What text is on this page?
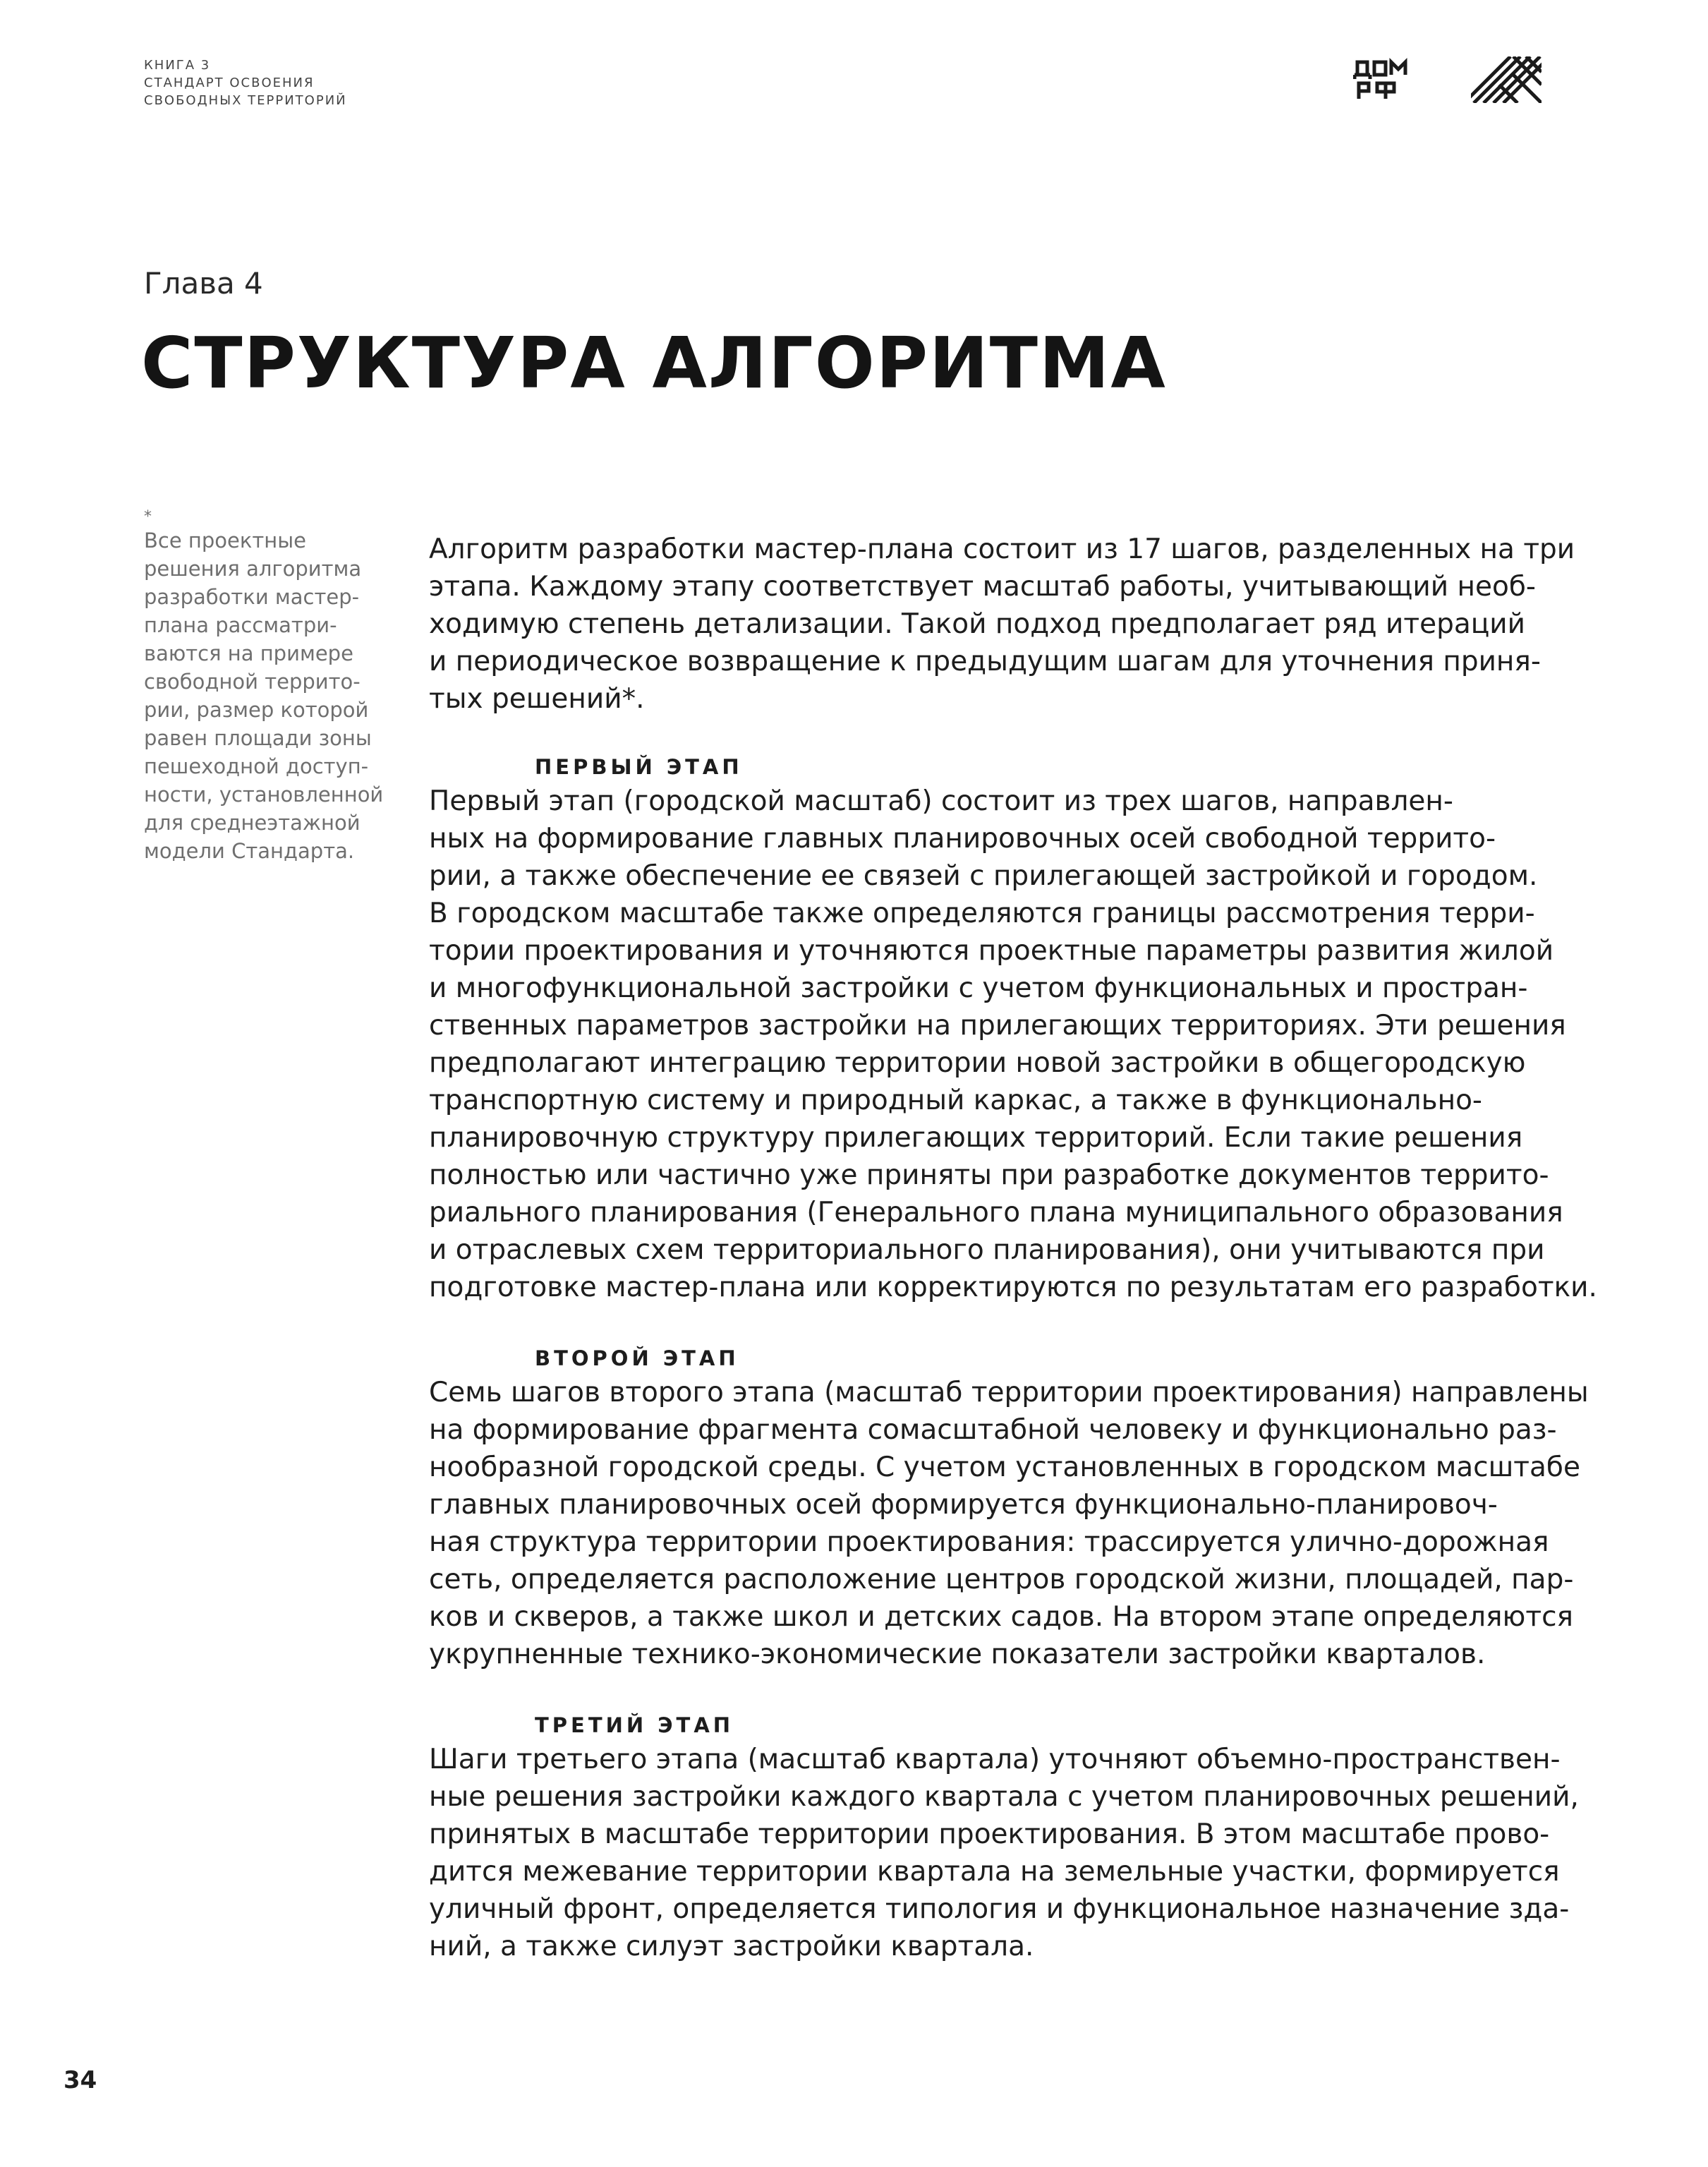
КНИГА 3
СТАНДАРТ ОСВОЕНИЯ
СВОБОДНЫХ ТЕРРИТОРИЙ
Глава 4
СТРУКТУРА АЛГОРИТМА
*
Все проектные
решения алгоритма
разработки мастер-
плана рассматри-
ваются на примере
свободной террито-
рии, размер которой
равен площади зоны
пешеходной доступ-
ности, установленной
для среднеэтажной
модели Стандарта.
Алгоритм разработки мастер-плана состоит из 17 шагов, разделенных на три
этапа. Каждому этапу соответствует масштаб работы, учитывающий необ-
ходимую степень детализации. Такой подход предполагает ряд итераций
и периодическое возвращение к предыдущим шагам для уточнения приня-
тых решений*.
ПЕРВЫЙ ЭТАП
Первый этап (городской масштаб) состоит из трех шагов, направлен-
ных на формирование главных планировочных осей свободной террито-
рии, а также обеспечение ее связей с прилегающей застройкой и городом.
В городском масштабе также определяются границы рассмотрения терри-
тории проектирования и уточняются проектные параметры развития жилой
и многофункциональной застройки с учетом функциональных и простран-
ственных параметров застройки на прилегающих территориях. Эти решения
предполагают интеграцию территории новой застройки в общегородскую
транспортную систему и природный каркас, а также в функционально-
планировочную структуру прилегающих территорий. Если такие решения
полностью или частично уже приняты при разработке документов террито-
риального планирования (Генерального плана муниципального образования
и отраслевых схем территориального планирования), они учитываются при
подготовке мастер-плана или корректируются по результатам его разработки.
ВТОРОЙ ЭТАП
Семь шагов второго этапа (масштаб территории проектирования) направлены
на формирование фрагмента сомасштабной человеку и функционально раз-
нообразной городской среды. С учетом установленных в городском масштабе
главных планировочных осей формируется функционально-планировоч-
ная структура территории проектирования: трассируется улично-дорожная
сеть, определяется расположение центров городской жизни, площадей, пар-
ков и скверов, а также школ и детских садов. На втором этапе определяются
укрупненные технико-экономические показатели застройки кварталов.
ТРЕТИЙ ЭТАП
Шаги третьего этапа (масштаб квартала) уточняют объемно-пространствен-
ные решения застройки каждого квартала с учетом планировочных решений,
принятых в масштабе территории проектирования. В этом масштабе прово-
дится межевание территории квартала на земельные участки, формируется
уличный фронт, определяется типология и функциональное назначение зда-
ний, а также силуэт застройки квартала.
34
